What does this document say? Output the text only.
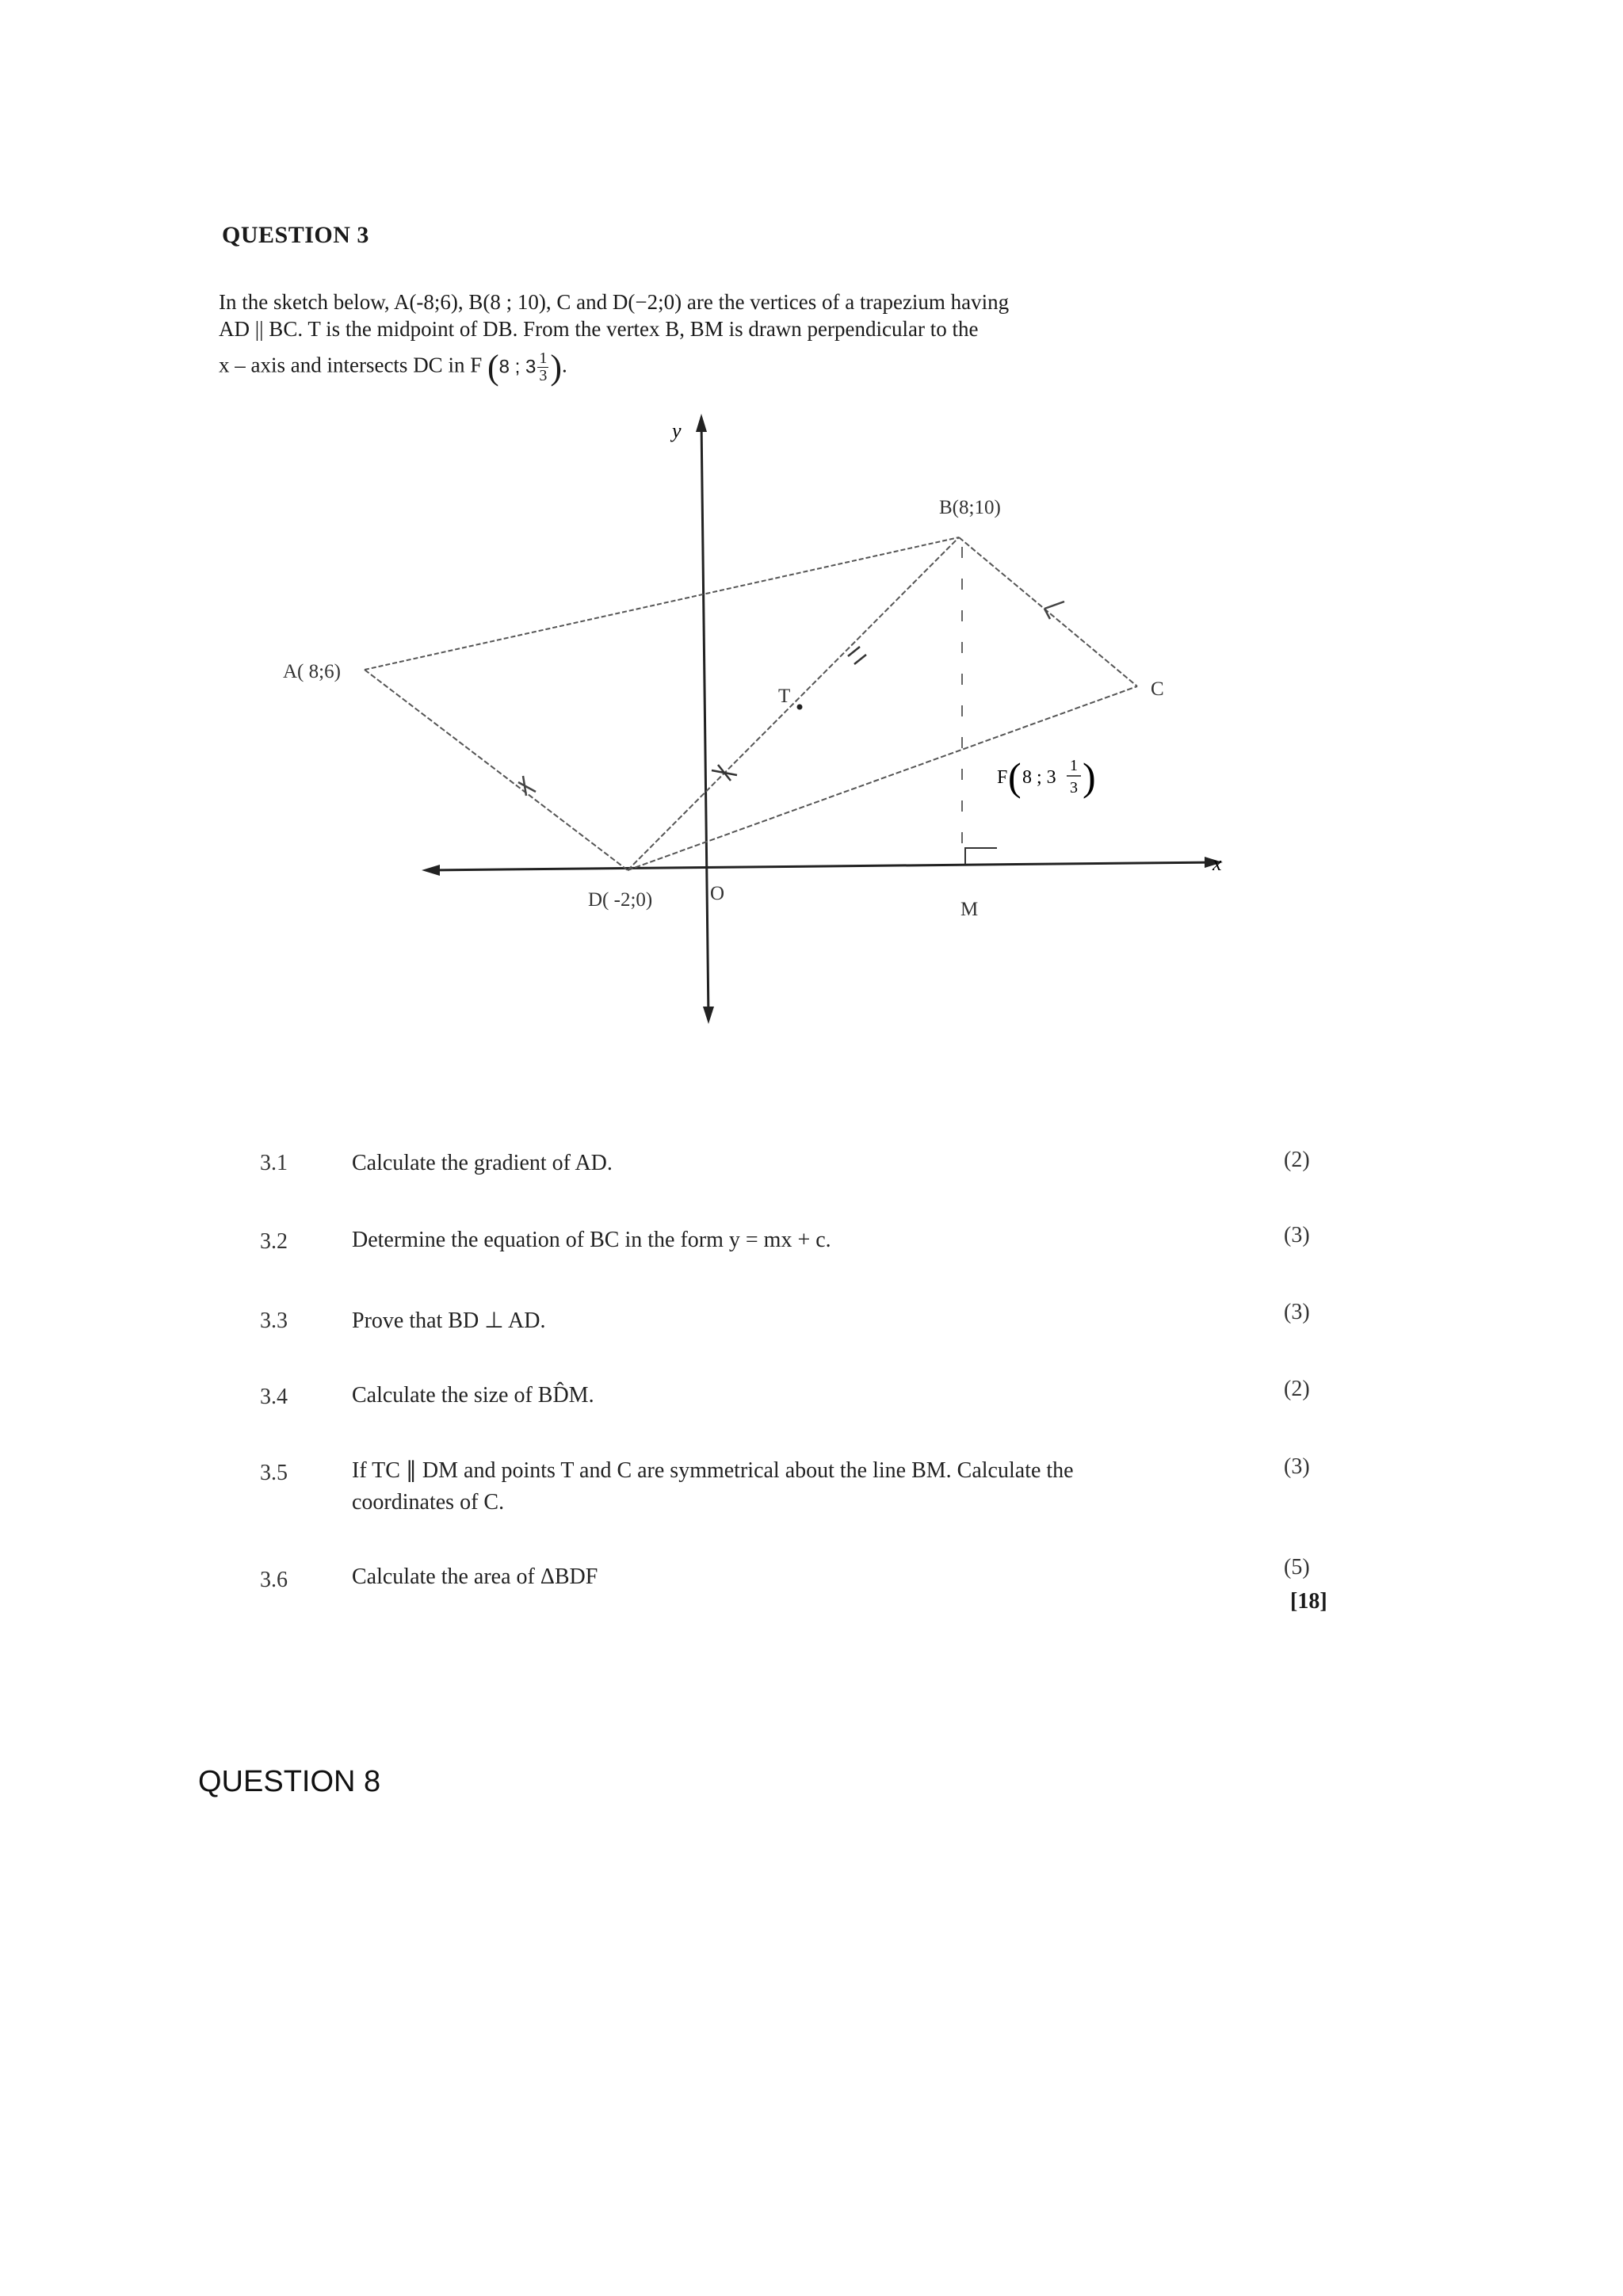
QUESTION 3
In the sketch below, A(-8;6), B(8 ; 10), C and D(−2;0) are the vertices of a trapezium having
AD || BC. T is the midpoint of DB. From the vertex B, BM is drawn perpendicular to the
x – axis and intersects DC in F (8 ; $3 \frac{1}{3}$ ).
y
x
A( 8;6)
B(8;10)
C
D( -2;0)	O
M
T
F ( 8 ; 3
1
3 )
3.1	Calculate the gradient of AD.	(2)
3.2	Determine the equation of BC in the form y = mx + c.	(3)
3.3	Prove that BD ⊥ AD.	(3)
3.4	Calculate the size of BD̂M.	(2)
3.5	If TC ∥ DM and points T and C are symmetrical about the line BM. Calculate the
coordinates of C.
(3)
3.6	Calculate the area of ΔBDF	(5)
[18]
QUESTION 8
